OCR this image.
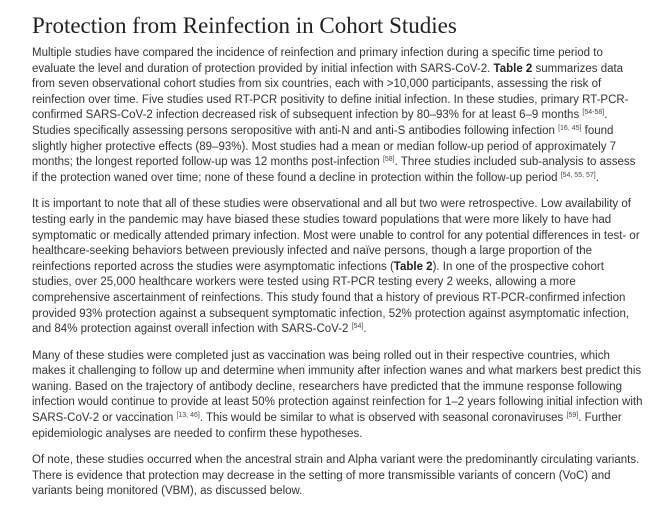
Protection from Reinfection in Cohort Studies

Multiple studies have compared the incidence of reinfection and primary infection during a specific time period to evaluate the level and duration of protection provided by initial infection with SARS-CoV-2. Table 2 summarizes data from seven observational cohort studies from six countries, each with >10,000 participants, assessing the risk of reinfection over time. Five studies used RT-PCR positivity to define initial infection. In these studies, primary RT-PCR-confirmed SARS-CoV-2 infection decreased risk of subsequent infection by 80–93% for at least 6–9 months [54-58]. Studies specifically assessing persons seropositive with anti-N and anti-S antibodies following infection [16, 45] found slightly higher protective effects (89–93%). Most studies had a mean or median follow-up period of approximately 7 months; the longest reported follow-up was 12 months post-infection [58]. Three studies included sub-analysis to assess if the protection waned over time; none of these found a decline in protection within the follow-up period [54, 55, 57].

It is important to note that all of these studies were observational and all but two were retrospective. Low availability of testing early in the pandemic may have biased these studies toward populations that were more likely to have had symptomatic or medically attended primary infection. Most were unable to control for any potential differences in test- or healthcare-seeking behaviors between previously infected and naïve persons, though a large proportion of the reinfections reported across the studies were asymptomatic infections (Table 2). In one of the prospective cohort studies, over 25,000 healthcare workers were tested using RT-PCR testing every 2 weeks, allowing a more comprehensive ascertainment of reinfections. This study found that a history of previous RT-PCR-confirmed infection provided 93% protection against a subsequent symptomatic infection, 52% protection against asymptomatic infection, and 84% protection against overall infection with SARS-CoV-2 [54].

Many of these studies were completed just as vaccination was being rolled out in their respective countries, which makes it challenging to follow up and determine when immunity after infection wanes and what markers best predict this waning. Based on the trajectory of antibody decline, researchers have predicted that the immune response following infection would continue to provide at least 50% protection against reinfection for 1–2 years following initial infection with SARS-CoV-2 or vaccination [13, 46]. This would be similar to what is observed with seasonal coronaviruses [59]. Further epidemiologic analyses are needed to confirm these hypotheses.

Of note, these studies occurred when the ancestral strain and Alpha variant were the predominantly circulating variants. There is evidence that protection may decrease in the setting of more transmissible variants of concern (VoC) and variants being monitored (VBM), as discussed below.
